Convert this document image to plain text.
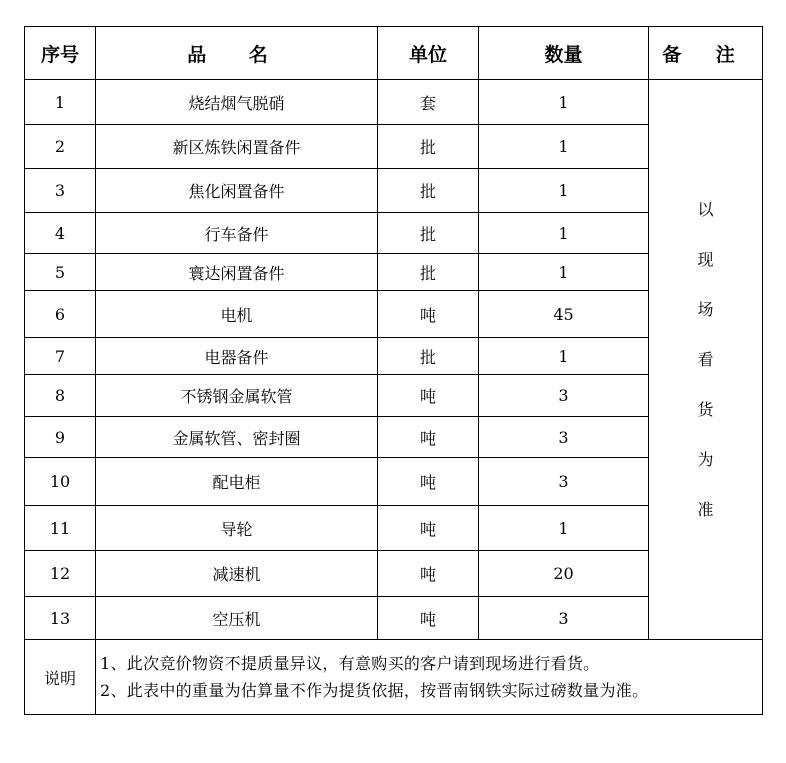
序号	品 名	单位	数量	备 注
1	烧结烟气脱硝	套	1	以现场看货为准
2	新区炼铁闲置备件	批	1	
3	焦化闲置备件	批	1	
4	行车备件	批	1	
5	寰达闲置备件	批	1	
6	电机	吨	45	
7	电器备件	批	1	
8	不锈钢金属软管	吨	3	
9	金属软管、密封圈	吨	3	
10	配电柜	吨	3	
11	导轮	吨	1	
12	减速机	吨	20	
13	空压机	吨	3	
说明	1、此次竞价物资不提质量异议，有意购买的客户请到现场进行看货。
2、此表中的重量为估算量不作为提货依据，按晋南钢铁实际过磅数量为准。			
